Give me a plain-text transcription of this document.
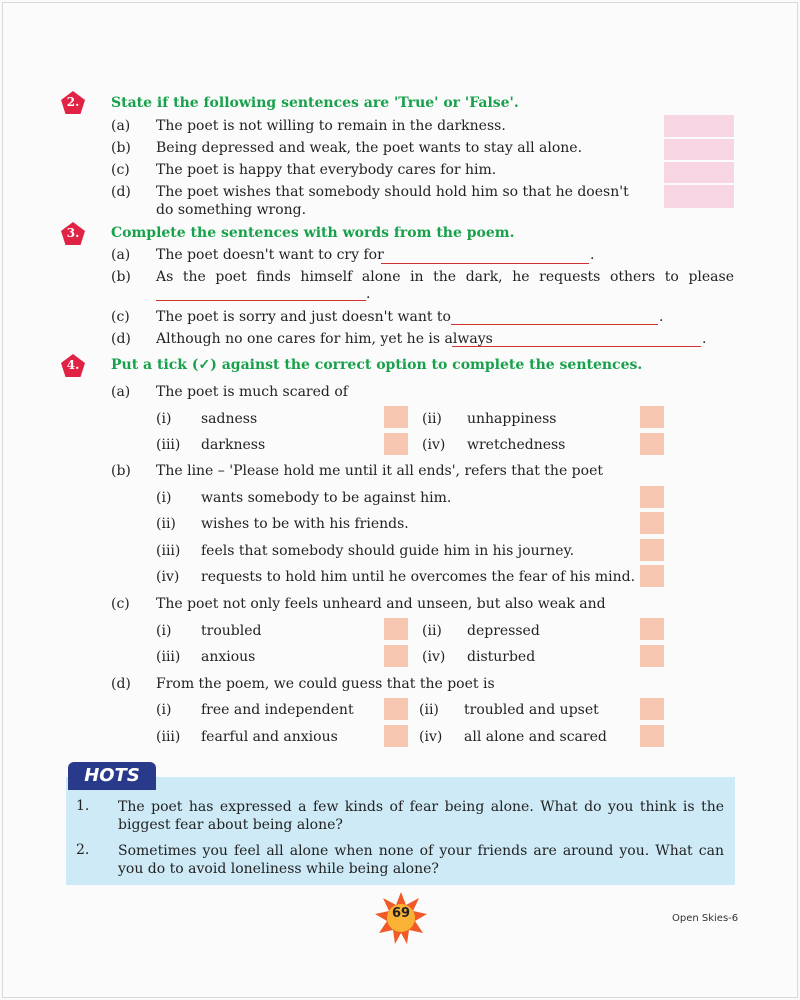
2.	State if the following sentences are 'True' or 'False'.
(a) The poet is not willing to remain in the darkness.
(b) Being depressed and weak, the poet wants to stay all alone.
(c) The poet is happy that everybody cares for him.
(d) The poet wishes that somebody should hold him so that he doesn't
do something wrong.
3.	Complete the sentences with words from the poem.
(a) The poet doesn't want to cry for	.
(b) As the poet finds himself alone in the dark, he requests others to please
.
(c) The poet is sorry and just doesn't want to	.
(d) Although no one cares for him, yet he is always	.
4.	Put a tick (✓) against the correct option to complete the sentences.
(a) The poet is much scared of
(i) sadness	(ii) unhappiness
(iii) darkness	(iv) wretchedness
(b) The line – 'Please hold me until it all ends', refers that the poet
(i) wants somebody to be against him.
(ii) wishes to be with his friends.
(iii) feels that somebody should guide him in his journey.
(iv) requests to hold him until he overcomes the fear of his mind.
(c) The poet not only feels unheard and unseen, but also weak and
(i) troubled	(ii) depressed
(iii) anxious	(iv) disturbed
(d) From the poem, we could guess that the poet is
(i) free and independent	(ii) troubled and upset
(iii) fearful and anxious	(iv) all alone and scared
HOTS
1. The poet has expressed a few kinds of fear being alone. What do you think is the
biggest fear about being alone?
2. Sometimes you feel all alone when none of your friends are around you. What can
you do to avoid loneliness while being alone?
69	Open Skies-6
